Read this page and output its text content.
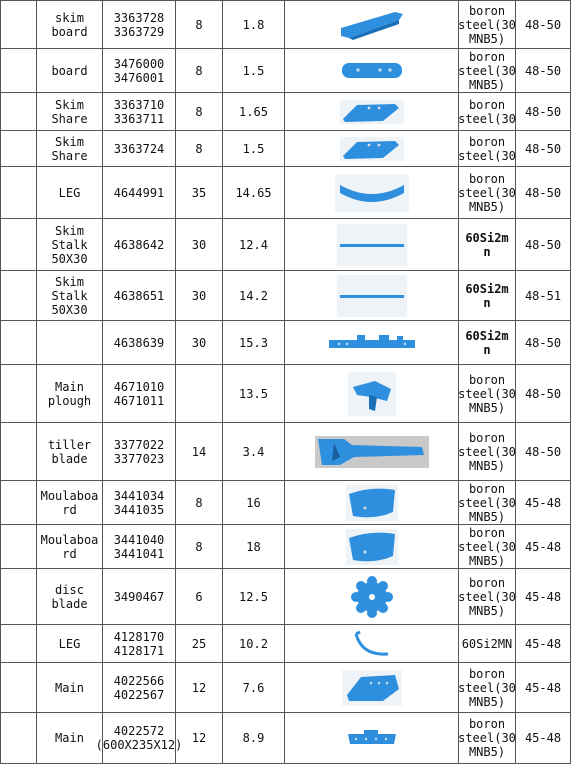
	skim
board	3363728
3363729	8	1.8		boron
steel(30
MNB5)	48-50

	board	3476000
3476001	8	1.5		boron
steel(30
MNB5)	48-50

	Skim
Share	3363710
3363711	8	1.65		boron
steel(30	48-50

	Skim
Share	3363724	8	1.5		boron
steel(30	48-50

	LEG	4644991	35	14.65		boron
steel(30
MNB5)	48-50

	Skim
Stalk
50X30	4638642	30	12.4		60Si2m
n	48-50

	Skim
Stalk
50X30	4638651	30	14.2		60Si2m
n	48-51

		4638639	30	15.3		60Si2m
n	48-50

	Main
plough	4671010
4671011		13.5		boron
steel(30
MNB5)	48-50

	tiller
blade	3377022
3377023	14	3.4		boron
steel(30
MNB5)	48-50

	Moulaboa
rd	3441034
3441035	8	16		boron
steel(30
MNB5)	45-48

	Moulaboa
rd	3441040
3441041	8	18		boron
steel(30
MNB5)	45-48

	disc
blade	3490467	6	12.5		boron
steel(30
MNB5)	45-48

	LEG	4128170
4128171	25	10.2		60Si2MN	45-48

	Main	4022566
4022567	12	7.6		boron
steel(30
MNB5)	45-48

	Main	4022572
(600X235X12)	12	8.9		boron
steel(30
MNB5)	45-48
